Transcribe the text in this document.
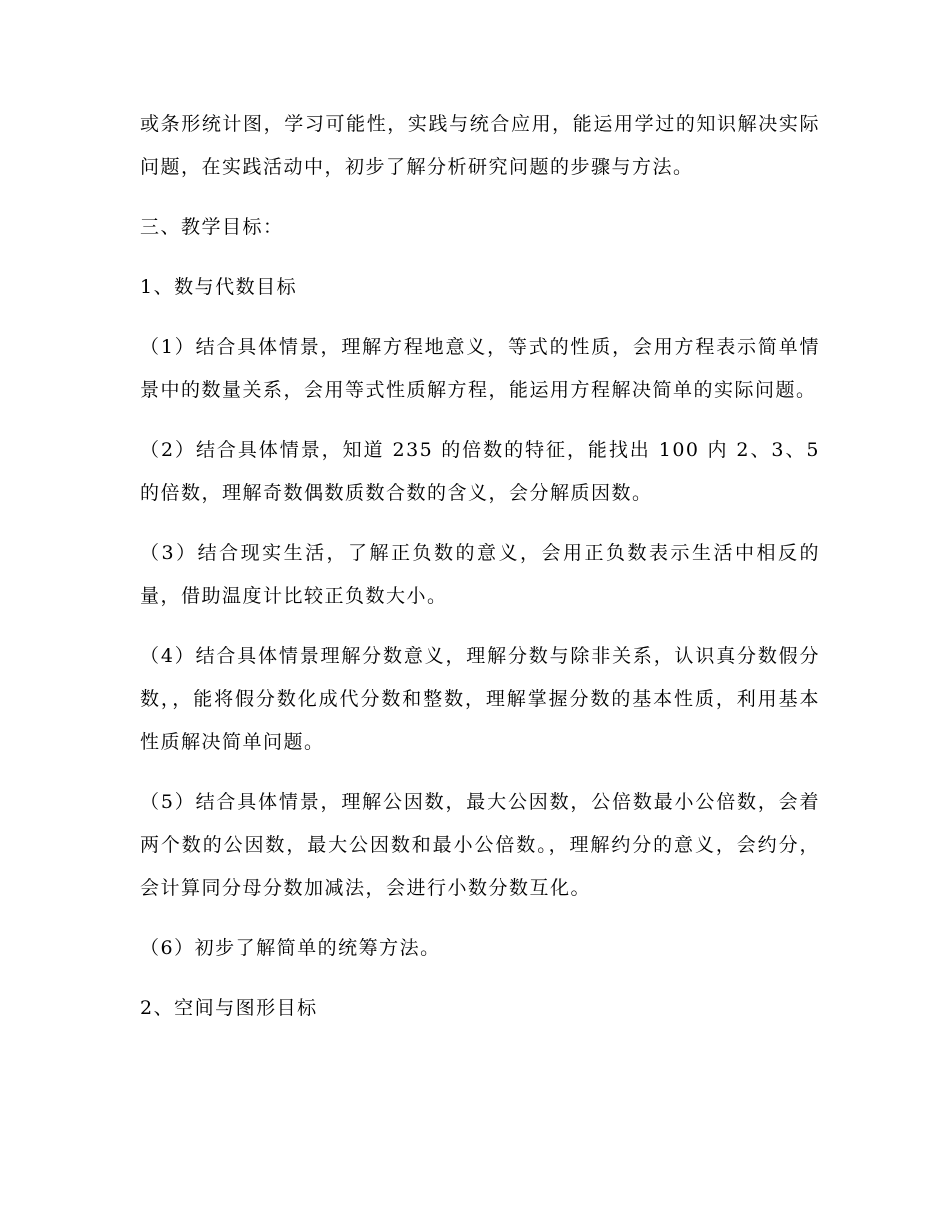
或条形统计图，学习可能性，实践与统合应用，能运用学过的知识解决实际问题，在实践活动中，初步了解分析研究问题的步骤与方法。

三、教学目标：

1、数与代数目标

（1）结合具体情景，理解方程地意义，等式的性质，会用方程表示简单情景中的数量关系，会用等式性质解方程，能运用方程解决简单的实际问题。

（2）结合具体情景，知道 235 的倍数的特征，能找出 100 内 2、3、5 的倍数，理解奇数偶数质数合数的含义，会分解质因数。

（3）结合现实生活，了解正负数的意义，会用正负数表示生活中相反的量，借助温度计比较正负数大小。

（4）结合具体情景理解分数意义，理解分数与除非关系，认识真分数假分数，，能将假分数化成代分数和整数，理解掌握分数的基本性质，利用基本性质解决简单问题。

（5）结合具体情景，理解公因数，最大公因数，公倍数最小公倍数，会着两个数的公因数，最大公因数和最小公倍数。，理解约分的意义，会约分，会计算同分母分数加减法，会进行小数分数互化。

（6）初步了解简单的统筹方法。

2、空间与图形目标
